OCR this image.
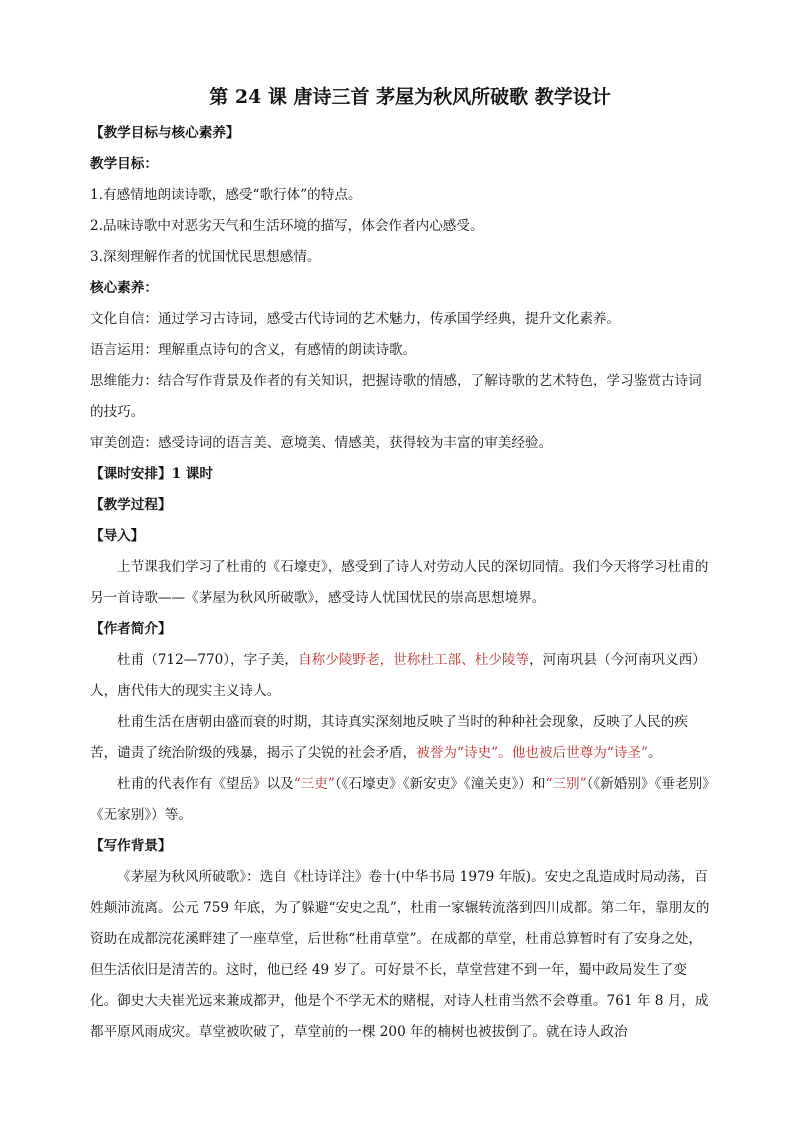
第 24 课 唐诗三首 茅屋为秋风所破歌 教学设计

【教学目标与核心素养】

教学目标：

1.有感情地朗读诗歌，感受“歌行体”的特点。

2.品味诗歌中对恶劣天气和生活环境的描写，体会作者内心感受。

3.深刻理解作者的忧国忧民思想感情。

核心素养：

文化自信：通过学习古诗词，感受古代诗词的艺术魅力，传承国学经典，提升文化素养。

语言运用：理解重点诗句的含义，有感情的朗读诗歌。

思维能力：结合写作背景及作者的有关知识，把握诗歌的情感，了解诗歌的艺术特色，学习鉴赏古诗词的技巧。

审美创造：感受诗词的语言美、意境美、情感美，获得较为丰富的审美经验。

【课时安排】1 课时

【教学过程】

【导入】

上节课我们学习了杜甫的《石壕吏》，感受到了诗人对劳动人民的深切同情。我们今天将学习杜甫的另一首诗歌——《茅屋为秋风所破歌》，感受诗人忧国忧民的崇高思想境界。

【作者简介】

杜甫（712—770），字子美，自称少陵野老，世称杜工部、杜少陵等，河南巩县（今河南巩义西）人，唐代伟大的现实主义诗人。

杜甫生活在唐朝由盛而衰的时期，其诗真实深刻地反映了当时的种种社会现象，反映了人民的疾苦，谴责了统治阶级的残暴，揭示了尖锐的社会矛盾，被誉为“诗史”。他也被后世尊为“诗圣”。

杜甫的代表作有《望岳》以及“三吏”（《石壕吏》《新安吏》《潼关吏》）和“三别”（《新婚别》《垂老别》《无家别》）等。

【写作背景】

《茅屋为秋风所破歌》：选自《杜诗详注》卷十(中华书局 1979 年版)。安史之乱造成时局动荡，百姓颠沛流离。公元 759 年底，为了躲避“安史之乱”，杜甫一家辗转流落到四川成都。第二年，靠朋友的资助在成都浣花溪畔建了一座草堂，后世称“杜甫草堂”。在成都的草堂，杜甫总算暂时有了安身之处，但生活依旧是清苦的。这时，他已经 49 岁了。可好景不长，草堂营建不到一年，蜀中政局发生了变化。御史大夫崔光远来兼成都尹，他是个不学无术的赌棍，对诗人杜甫当然不会尊重。761 年 8 月，成都平原风雨成灾。草堂被吹破了，草堂前的一棵 200 年的楠树也被拔倒了。就在诗人政治
